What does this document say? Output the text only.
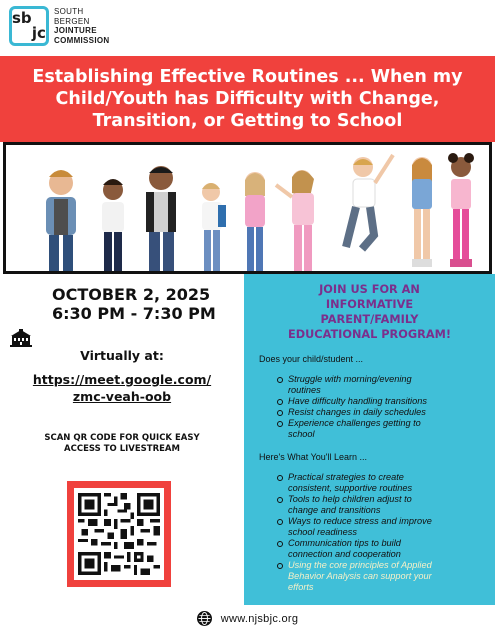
sb
jc
SOUTH
BERGEN
JOINTURE
COMMISSION
Establishing Effective Routines ... When my Child/Youth has Difficulty with Change, Transition, or Getting to School
OCTOBER 2, 2025
6:30 PM - 7:30 PM
Virtually at:
https://meet.google.com/
zmc-veah-oob
SCAN QR CODE FOR QUICK EASY
ACCESS TO LIVESTREAM
JOIN US FOR AN
INFORMATIVE
PARENT/FAMILY
EDUCATIONAL PROGRAM!
Does your child/student ...
Struggle with morning/evening
routines
Have difficulty handling transitions
Resist changes in daily schedules
Experience challenges getting to
school
Here's What You'll Learn ...
Practical strategies to create
consistent, supportive routines
Tools to help children adjust to
change and transitions
Ways to reduce stress and improve
school readiness
Communication tips to build
connection and cooperation
Using the core principles of Applied
Behavior Analysis can support your
efforts
www.njsbjc.org
